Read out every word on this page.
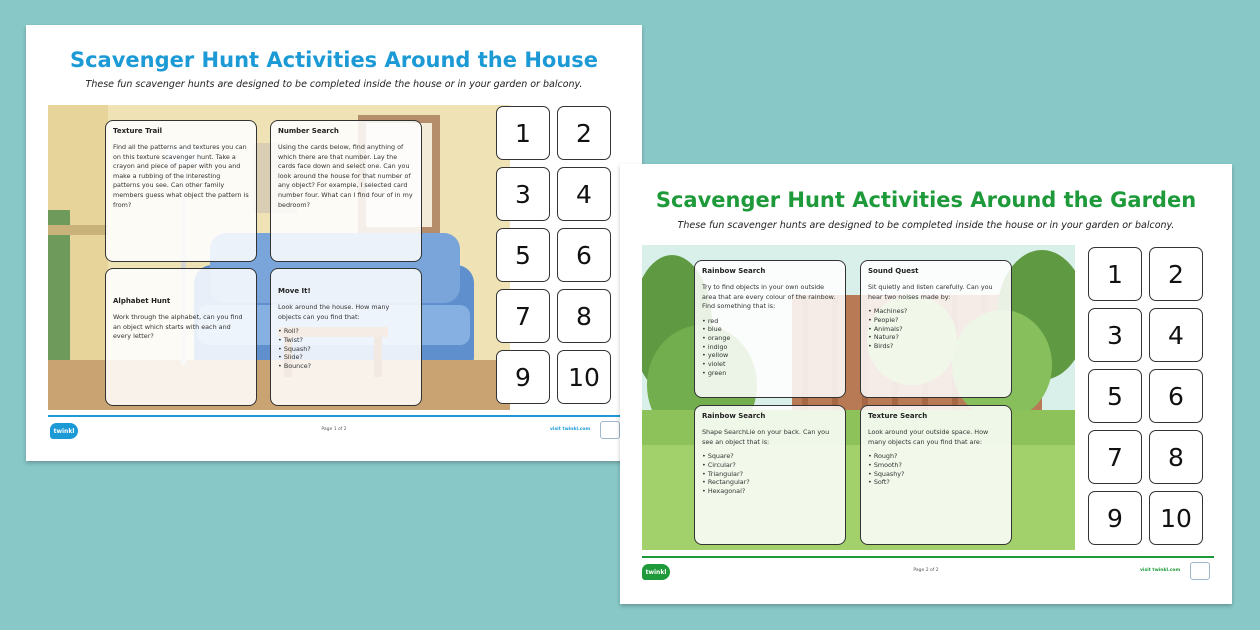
Scavenger Hunt Activities Around the House
These fun scavenger hunts are designed to be completed inside the house or in your garden or balcony.
Texture Trail
Find all the patterns and textures you can on this texture scavenger hunt. Take a crayon and piece of paper with you and make a rubbing of the interesting patterns you see. Can other family members guess what object the pattern is from?
Number Search
Using the cards below, find anything of which there are that number. Lay the cards face down and select one. Can you look around the house for that number of any object? For example, I selected card number four. What can I find four of in my bedroom?
Alphabet Hunt
Work through the alphabet, can you find an object which starts with each and every letter?
Move It!
Look around the house. How many objects can you find that:
• Roll?
• Twist?
• Squash?
• Slide?
• Bounce?
1	2
3	4
5	6
7	8
9	10
twinkl	Page 1 of 2	visit twinkl.com
Scavenger Hunt Activities Around the Garden
These fun scavenger hunts are designed to be completed inside the house or in your garden or balcony.
Rainbow Search
Try to find objects in your own outside area that are every colour of the rainbow. Find something that is:
• red
• blue
• orange
• indigo
• yellow
• violet
• green
Sound Quest
Sit quietly and listen carefully. Can you hear two noises made by:
• Machines?
• People?
• Animals?
• Nature?
• Birds?
Rainbow Search
Shape SearchLie on your back. Can you see an object that is:
• Square?
• Circular?
• Triangular?
• Rectangular?
• Hexagonal?
Texture Search
Look around your outside space. How many objects can you find that are:
• Rough?
• Smooth?
• Squashy?
• Soft?
1	2
3	4
5	6
7	8
9	10
twinkl	Page 2 of 2	visit twinkl.com
